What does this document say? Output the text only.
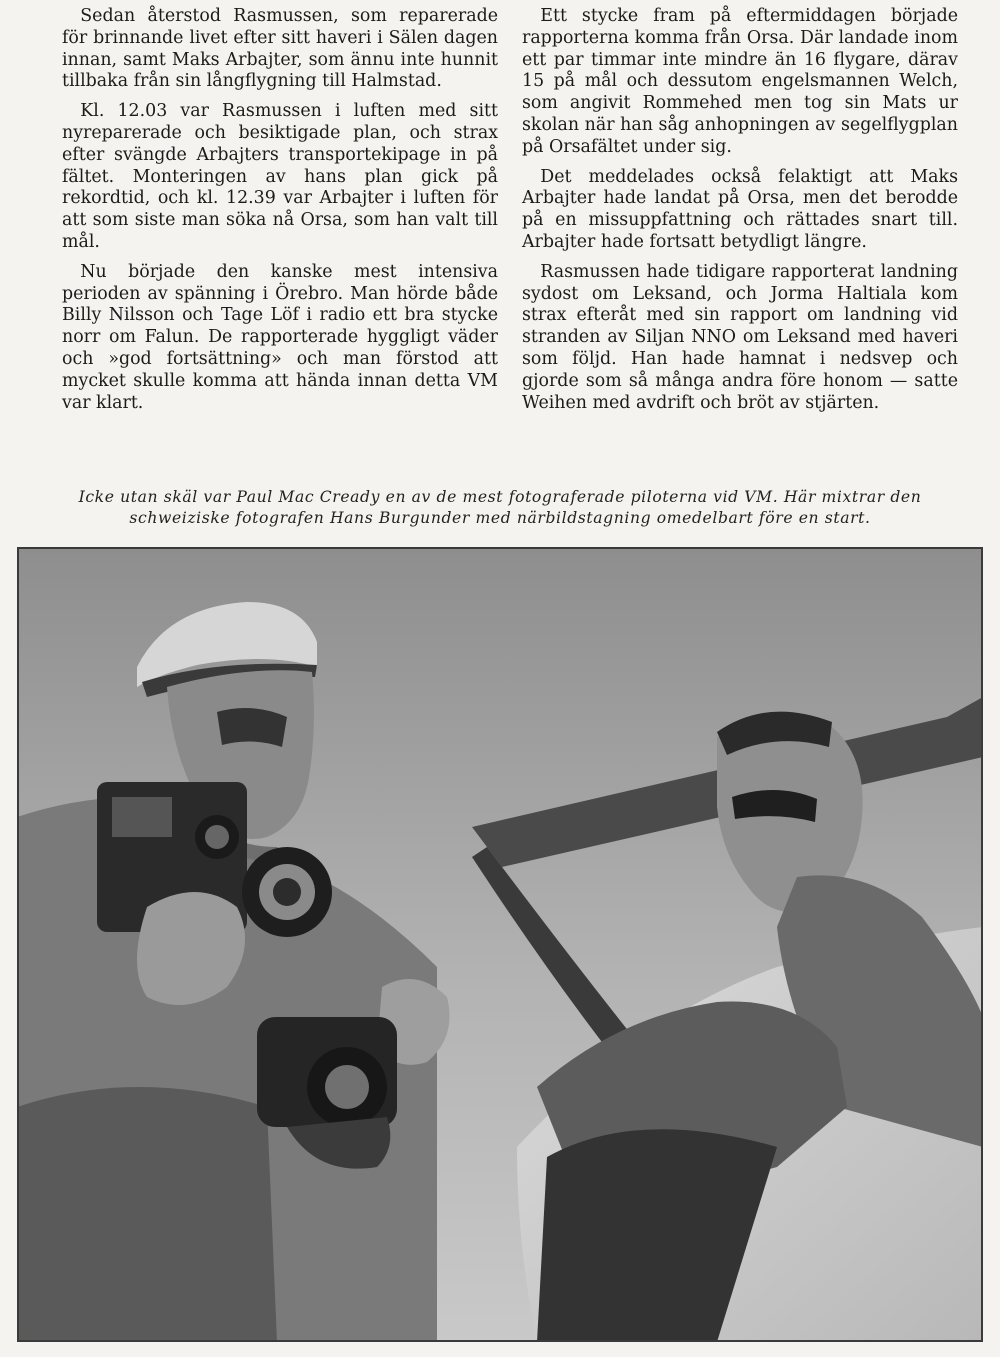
Sedan återstod Rasmussen, som reparerade för brinnande livet efter sitt haveri i Sälen dagen innan, samt Maks Arbajter, som ännu inte hunnit tillbaka från sin långflygning till Halmstad.

Kl. 12.03 var Rasmussen i luften med sitt nyreparerade och besiktigade plan, och strax efter svängde Arbajters transportekipage in på fältet. Monteringen av hans plan gick på rekordtid, och kl. 12.39 var Arbajter i luften för att som siste man söka nå Orsa, som han valt till mål.

Nu började den kanske mest intensiva perioden av spänning i Örebro. Man hörde både Billy Nilsson och Tage Löf i radio ett bra stycke norr om Falun. De rapporterade hyggligt väder och »god fortsättning» och man förstod att mycket skulle komma att hända innan detta VM var klart.

Ett stycke fram på eftermiddagen började rapporterna komma från Orsa. Där landade inom ett par timmar inte mindre än 16 flygare, därav 15 på mål och dessutom engelsmannen Welch, som angivit Rommehed men tog sin Mats ur skolan när han såg anhopningen av segelflygplan på Orsafältet under sig.

Det meddelades också felaktigt att Maks Arbajter hade landat på Orsa, men det berodde på en missuppfattning och rättades snart till. Arbajter hade fortsatt betydligt längre.

Rasmussen hade tidigare rapporterat landning sydost om Leksand, och Jorma Haltiala kom strax efteråt med sin rapport om landning vid stranden av Siljan NNO om Leksand med haveri som följd. Han hade hamnat i nedsvep och gjorde som så många andra före honom — satte Weihen med avdrift och bröt av stjärten.

Icke utan skäl var Paul Mac Cready en av de mest fotograferade piloterna vid VM. Här mixtrar den
schweiziske fotografen Hans Burgunder med närbildstagning omedelbart före en start.
